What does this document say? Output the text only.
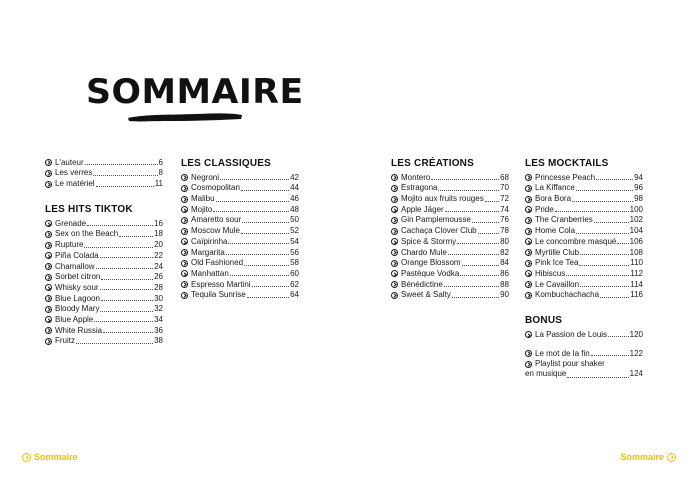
SOMMAIRE
L'auteur	6
Les verres	8
Le matériel	11
LES HITS TIKTOK
Grenade	16
Sex on the Beach	18
Rupture	20
Piña Colada	22
Chamallow	24
Sorbet citron	26
Whisky sour	28
Blue Lagoon	30
Bloody Mary	32
Blue Apple	34
White Russia	36
Fruitz	38
LES CLASSIQUES
Negroni	42
Cosmopolitan	44
Malibu	46
Mojito	48
Amaretto sour	50
Moscow Mule	52
Caïpirinha	54
Margarita	56
Old Fashioned	58
Manhattan	60
Espresso Martini	62
Tequila Sunrise	64
LES CRÉATIONS
Montero	68
Estragona	70
Mojito aux fruits rouges 72
Apple Jäger	74
Gin Pamplemousse	76
Cachaça Clover Club	78
Spice & Stormy	80
Chardo Mule	82
Orange Blossom	84
Pastèque Vodka	86
Bénédictine	88
Sweet & Salty	90
LES MOCKTAILS
Princesse Peach	94
La Kiffance	96
Bora Bora	98
Pride	100
The Cranberries	102
Home Cola	104
Le concombre masqué 106
Myrtille Club	108
Pink Ice Tea	110
Hibiscus	112
Le Cavaillon	114
Kombuchachacha	116
BONUS
La Passion de Louis	120
Le mot de la fin	122
Playlist pour shaker
en musique	124
Sommaire	Sommaire
